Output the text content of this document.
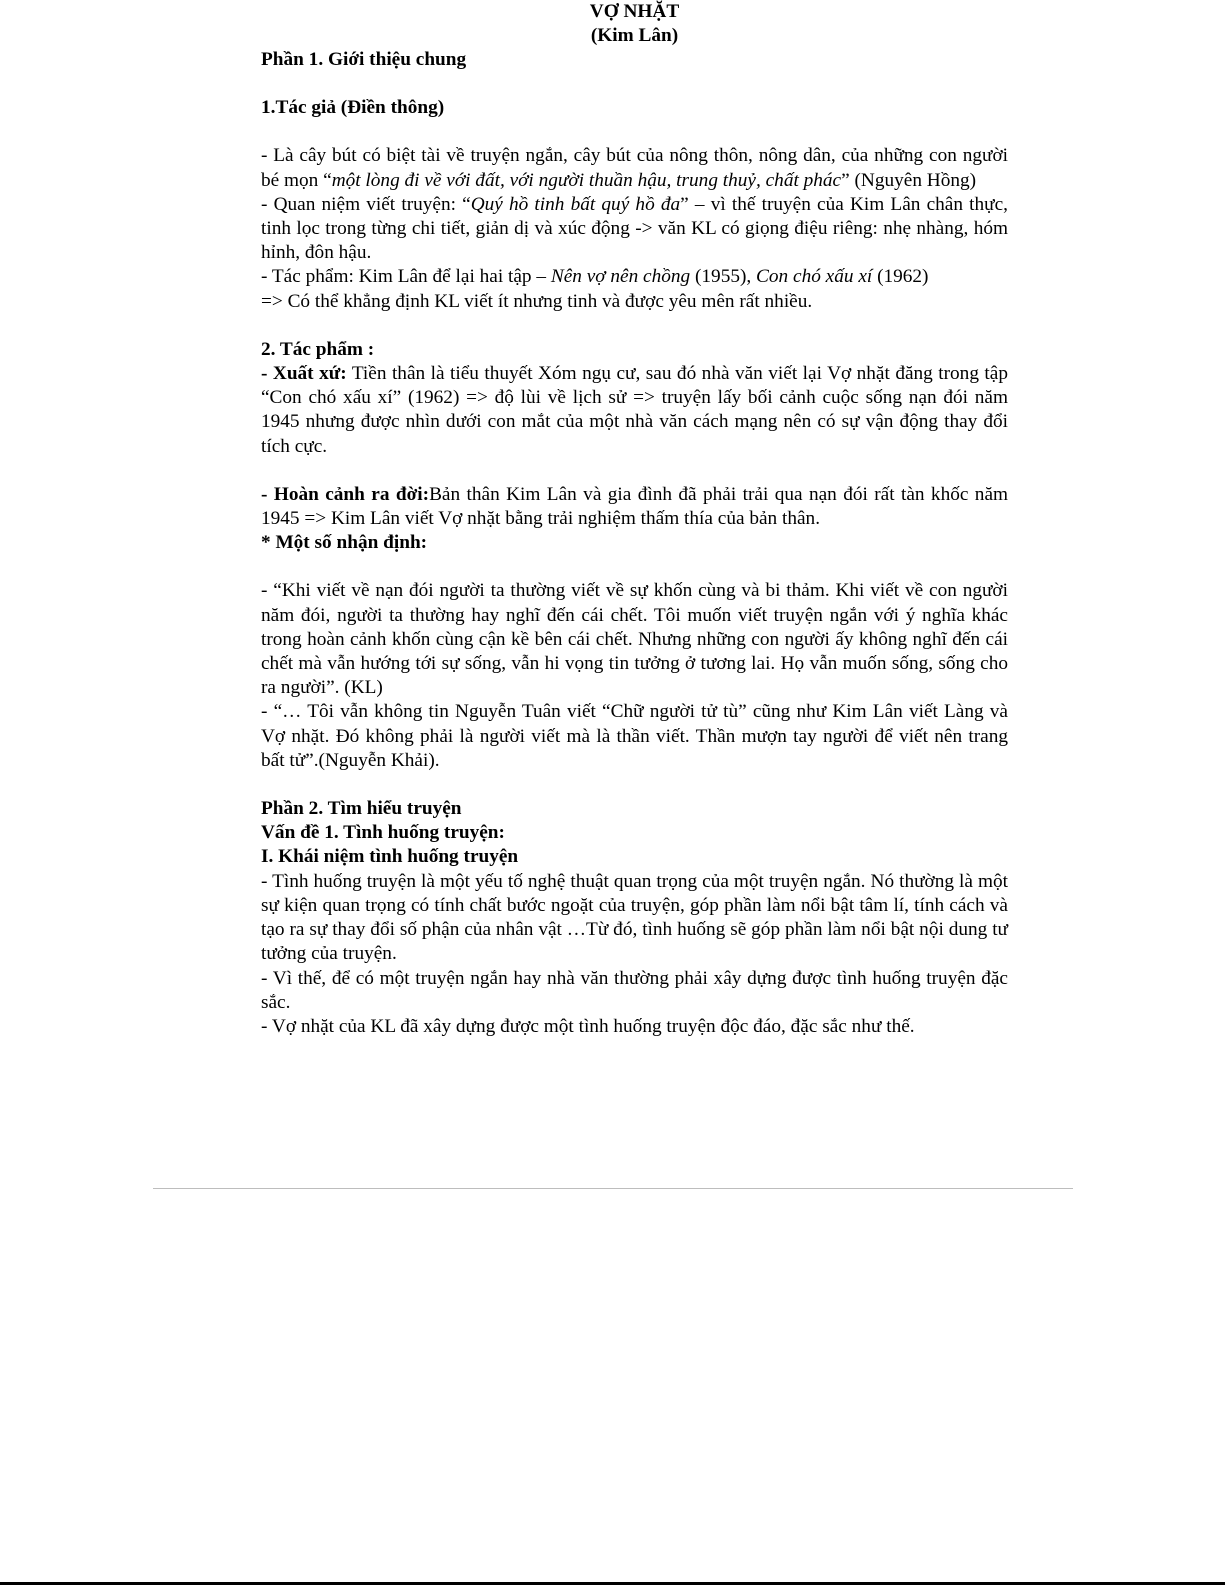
VỢ NHẶT
(Kim Lân)

Phần 1. Giới thiệu chung

1.Tác giả (Điền thông)

- Là cây bút có biệt tài về truyện ngắn, cây bút của nông thôn, nông dân, của những con người bé mọn “một lòng đi về với đất, với người thuần hậu, trung thuỷ, chất phác” (Nguyên Hồng)

- Quan niệm viết truyện: “Quý hồ tinh bất quý hồ đa” – vì thế truyện của Kim Lân chân thực, tinh lọc trong từng chi tiết, giản dị và xúc động -> văn KL có giọng điệu riêng: nhẹ nhàng, hóm hỉnh, đôn hậu.

- Tác phẩm: Kim Lân để lại hai tập – Nên vợ nên chồng (1955), Con chó xấu xí (1962)

=> Có thể khẳng định KL viết ít nhưng tinh và được yêu mên rất nhiều.

2. Tác phẩm :

- Xuất xứ: Tiền thân là tiểu thuyết Xóm ngụ cư, sau đó nhà văn viết lại Vợ nhặt đăng trong tập “Con chó xấu xí” (1962) => độ lùi về lịch sử => truyện lấy bối cảnh cuộc sống nạn đói năm 1945 nhưng được nhìn dưới con mắt của một nhà văn cách mạng nên có sự vận động thay đổi tích cực.

- Hoàn cảnh ra đời:Bản thân Kim Lân và gia đình đã phải trải qua nạn đói rất tàn khốc năm 1945 => Kim Lân viết Vợ nhặt bằng trải nghiệm thấm thía của bản thân.

* Một số nhận định:

- “Khi viết về nạn đói người ta thường viết về sự khốn cùng và bi thảm. Khi viết về con người năm đói, người ta thường hay nghĩ đến cái chết. Tôi muốn viết truyện ngắn với ý nghĩa khác trong hoàn cảnh khốn cùng cận kề bên cái chết. Nhưng những con người ấy không nghĩ đến cái chết mà vẫn hướng tới sự sống, vẫn hi vọng tin tưởng ở tương lai. Họ vẫn muốn sống, sống cho ra người”. (KL)

- “… Tôi vẫn không tin Nguyễn Tuân viết “Chữ người tử tù” cũng như Kim Lân viết Làng và Vợ nhặt. Đó không phải là người viết mà là thần viết. Thần mượn tay người để viết nên trang bất tử”.(Nguyễn Khải).

Phần 2. Tìm hiểu truyện

Vấn đề 1. Tình huống truyện:

I. Khái niệm tình huống truyện

- Tình huống truyện là một yếu tố nghệ thuật quan trọng của một truyện ngắn. Nó thường là một sự kiện quan trọng có tính chất bước ngoặt của truyện, góp phần làm nổi bật tâm lí, tính cách và tạo ra sự thay đổi số phận của nhân vật …Từ đó, tình huống sẽ góp phần làm nổi bật nội dung tư tưởng của truyện.

- Vì thế, để có một truyện ngắn hay nhà văn thường phải xây dựng được tình huống truyện đặc sắc.

- Vợ nhặt của KL đã xây dựng được một tình huống truyện độc đáo, đặc sắc như thế.
